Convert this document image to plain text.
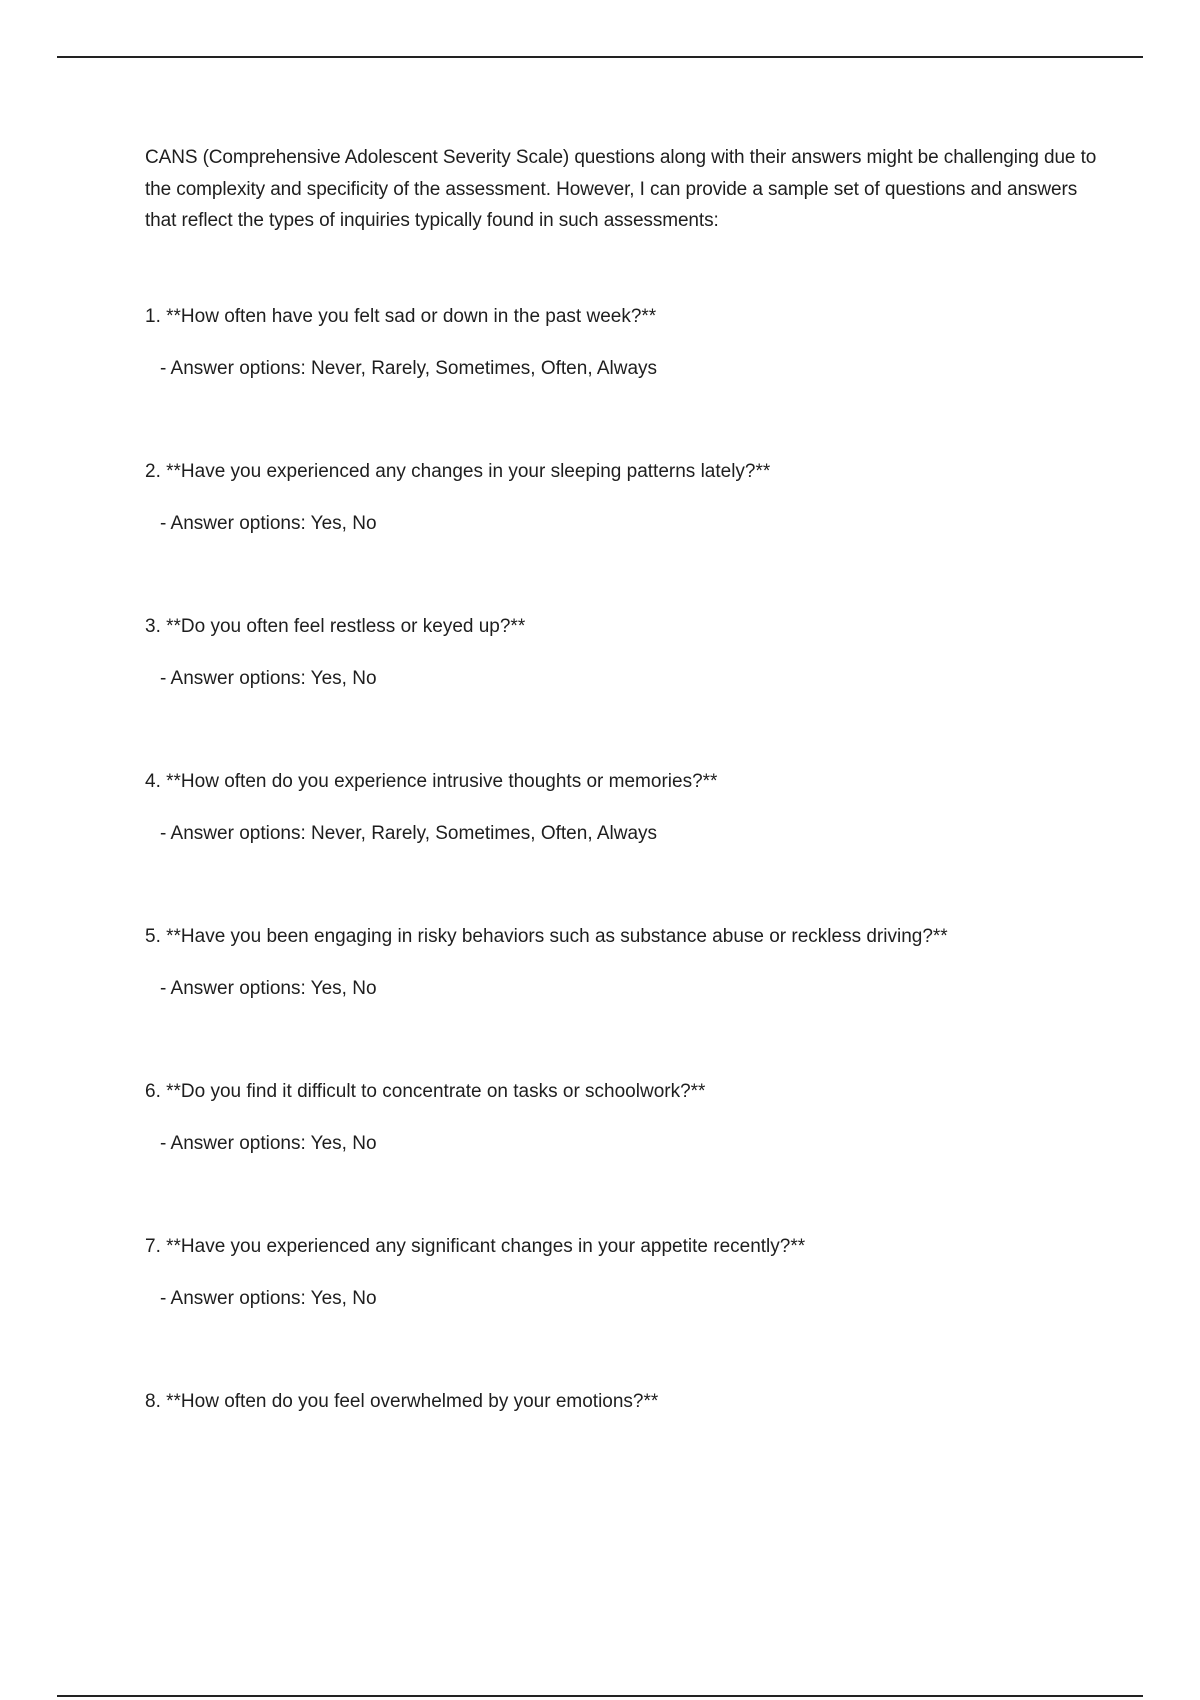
CANS (Comprehensive Adolescent Severity Scale) questions along with their answers might be challenging due to the complexity and specificity of the assessment. However, I can provide a sample set of questions and answers that reflect the types of inquiries typically found in such assessments:

1. **How often have you felt sad or down in the past week?**
- Answer options: Never, Rarely, Sometimes, Often, Always
2. **Have you experienced any changes in your sleeping patterns lately?**
- Answer options: Yes, No
3. **Do you often feel restless or keyed up?**
- Answer options: Yes, No
4. **How often do you experience intrusive thoughts or memories?**
- Answer options: Never, Rarely, Sometimes, Often, Always
5. **Have you been engaging in risky behaviors such as substance abuse or reckless driving?**
- Answer options: Yes, No
6. **Do you find it difficult to concentrate on tasks or schoolwork?**
- Answer options: Yes, No
7. **Have you experienced any significant changes in your appetite recently?**
- Answer options: Yes, No
8. **How often do you feel overwhelmed by your emotions?**
